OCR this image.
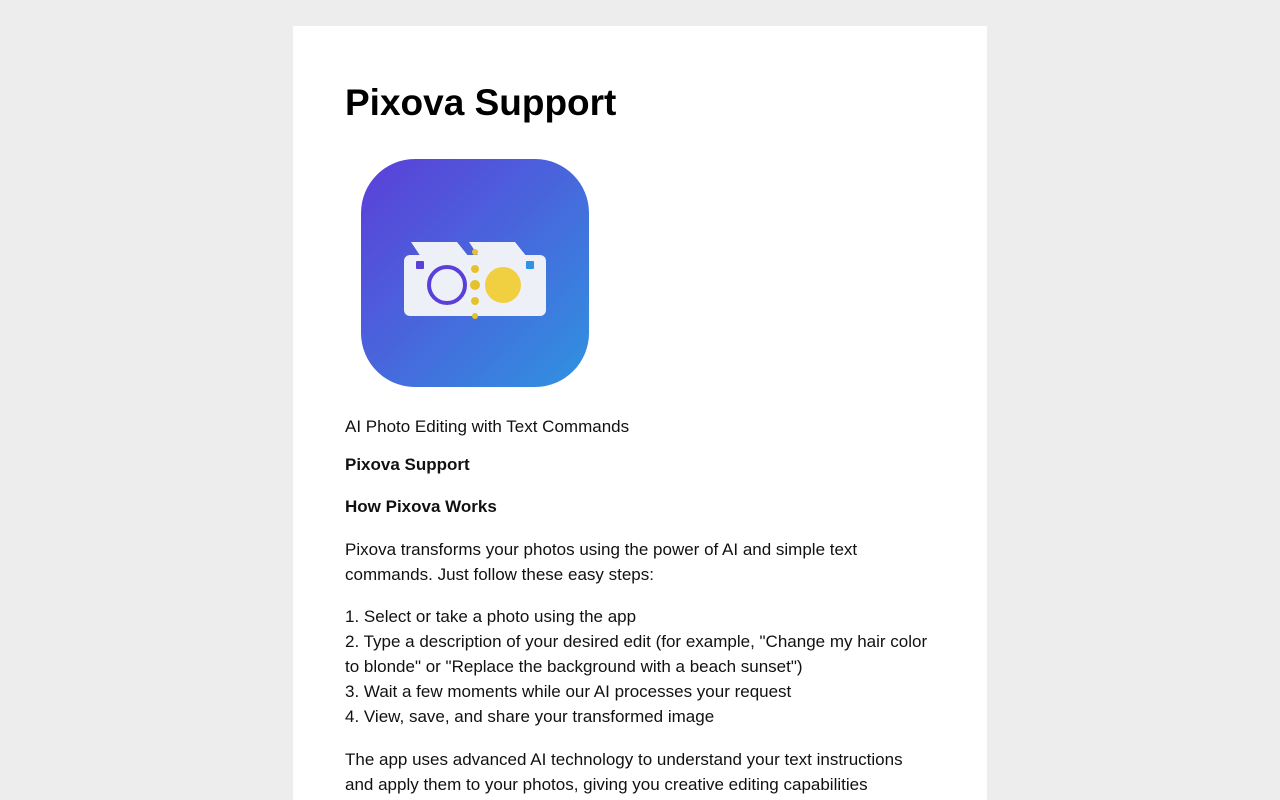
Pixova Support
AI Photo Editing with Text Commands
Pixova Support
How Pixova Works

Pixova transforms your photos using the power of AI and simple text commands. Just follow these easy steps:

1. Select or take a photo using the app
2. Type a description of your desired edit (for example, "Change my hair color to blonde" or "Replace the background with a beach sunset")
3. Wait a few moments while our AI processes your request
4. View, save, and share your transformed image

The app uses advanced AI technology to understand your text instructions and apply them to your photos, giving you creative editing capabilities
